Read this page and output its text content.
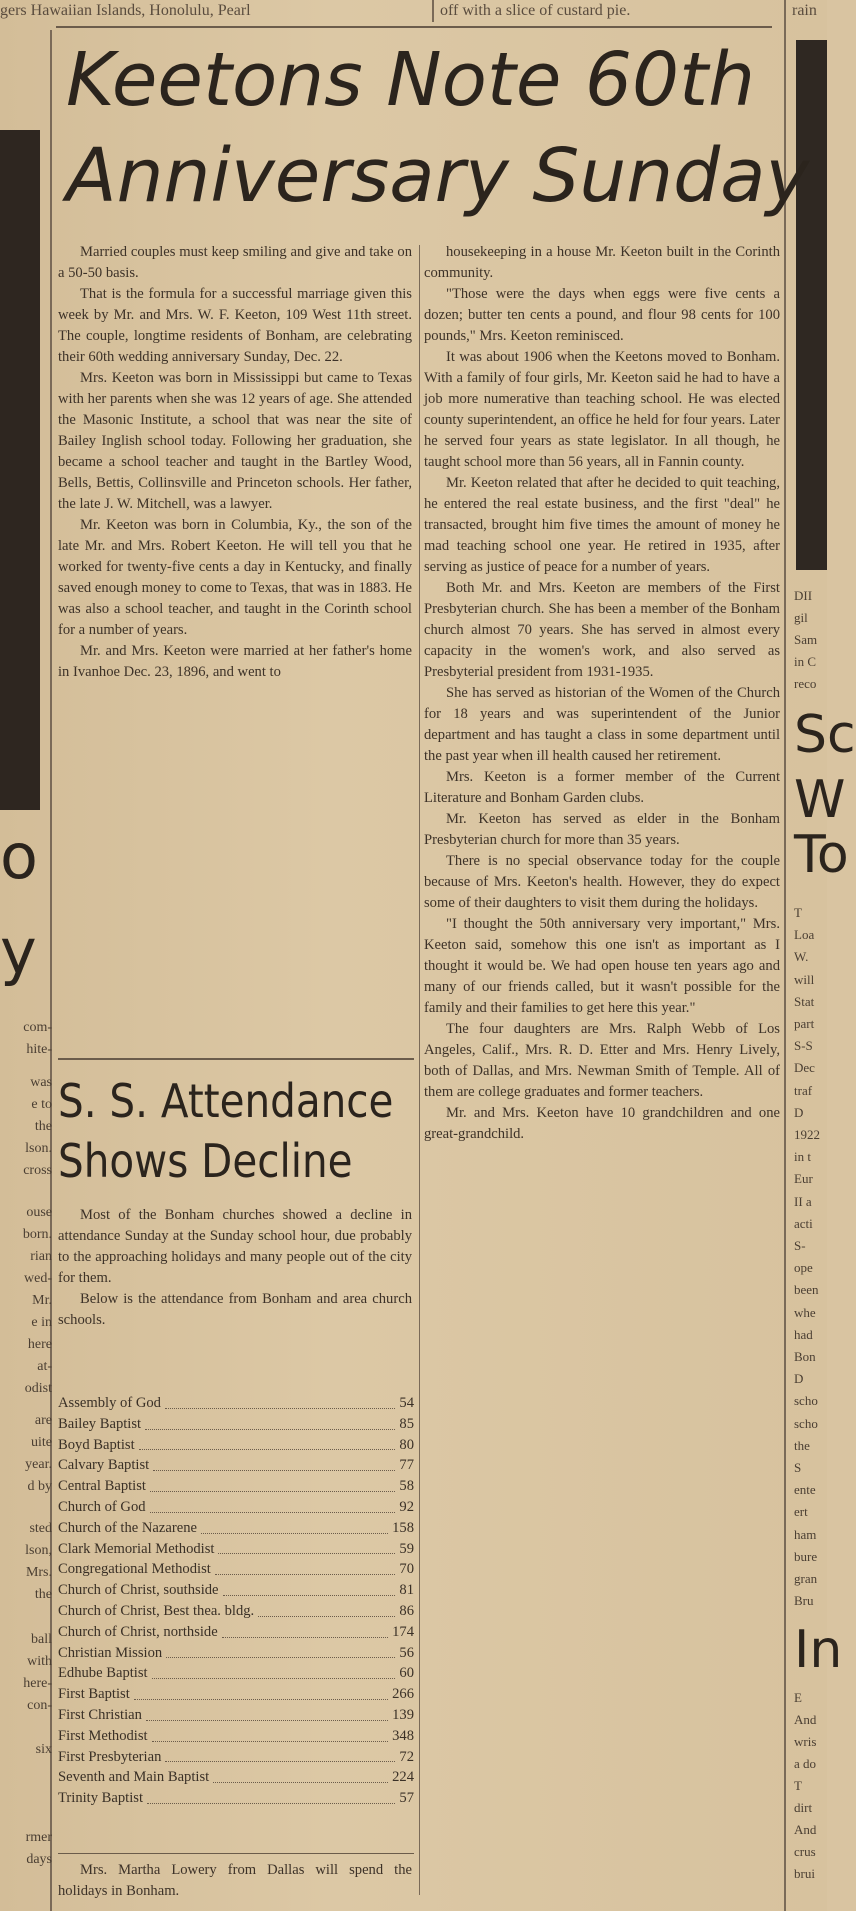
gers Hawaiian Islands, Honolulu, Pearl	off with a slice of custard pie.	rain
o
y
com-
hite-
was
e to
the
lson.
cross
ouse
born.
rian
wed-
Mr.
e in
here
at-
odist
are
uite
year.
d by
sted
lson,
Mrs.
the
ball
with
here-
con-
six
rmer
days
DII
gil
Sam
in C
reco
Sc
W
To
T
Loa
W.
will
Stat
part
S-S
Dec
traf
D
1922
in t
Eur
II a
acti
S-
ope
been
whe
had
Bon
D
scho
scho
the
S
ente
ert
ham
bure
gran
Bru
In
E
And
wris
a do
T
dirt
And
crus
brui
Keetons Note 60th
Anniversary Sunday

Married couples must keep smiling and give and take on a 50-50 basis.

That is the formula for a successful marriage given this week by Mr. and Mrs. W. F. Keeton, 109 West 11th street. The couple, longtime residents of Bonham, are celebrating their 60th wedding anniversary Sunday, Dec. 22.

Mrs. Keeton was born in Mississippi but came to Texas with her parents when she was 12 years of age. She attended the Masonic Institute, a school that was near the site of Bailey Inglish school today. Following her graduation, she became a school teacher and taught in the Bartley Wood, Bells, Bettis, Collinsville and Princeton schools. Her father, the late J. W. Mitchell, was a lawyer.

Mr. Keeton was born in Columbia, Ky., the son of the late Mr. and Mrs. Robert Keeton. He will tell you that he worked for twenty-five cents a day in Kentucky, and finally saved enough money to come to Texas, that was in 1883. He was also a school teacher, and taught in the Corinth school for a number of years.

Mr. and Mrs. Keeton were married at her father's home in Ivanhoe Dec. 23, 1896, and went to

S. S. Attendance
Shows Decline

Most of the Bonham churches showed a decline in attendance Sunday at the Sunday school hour, due probably to the approaching holidays and many people out of the city for them.

Below is the attendance from Bonham and area church schools.

Assembly of God	54
Bailey Baptist	85
Boyd Baptist	80
Calvary Baptist	77
Central Baptist	58
Church of God	92
Church of the Nazarene	158
Clark Memorial Methodist	59
Congregational Methodist	70
Church of Christ, southside	81
Church of Christ, Best thea. bldg.	86
Church of Christ, northside	174
Christian Mission	56
Edhube Baptist	60
First Baptist	266
First Christian	139
First Methodist	348
First Presbyterian	72
Seventh and Main Baptist	224
Trinity Baptist	57

Mrs. Martha Lowery from Dallas will spend the holidays in Bonham.

housekeeping in a house Mr. Keeton built in the Corinth community.

"Those were the days when eggs were five cents a dozen; butter ten cents a pound, and flour 98 cents for 100 pounds," Mrs. Keeton reminisced.

It was about 1906 when the Keetons moved to Bonham. With a family of four girls, Mr. Keeton said he had to have a job more numerative than teaching school. He was elected county superintendent, an office he held for four years. Later he served four years as state legislator. In all though, he taught school more than 56 years, all in Fannin county.

Mr. Keeton related that after he decided to quit teaching, he entered the real estate business, and the first "deal" he transacted, brought him five times the amount of money he mad teaching school one year. He retired in 1935, after serving as justice of peace for a number of years.

Both Mr. and Mrs. Keeton are members of the First Presbyterian church. She has been a member of the Bonham church almost 70 years. She has served in almost every capacity in the women's work, and also served as Presbyterial president from 1931-1935.

She has served as historian of the Women of the Church for 18 years and was superintendent of the Junior department and has taught a class in some department until the past year when ill health caused her retirement.

Mrs. Keeton is a former member of the Current Literature and Bonham Garden clubs.

Mr. Keeton has served as elder in the Bonham Presbyterian church for more than 35 years.

There is no special observance today for the couple because of Mrs. Keeton's health. However, they do expect some of their daughters to visit them during the holidays.

"I thought the 50th anniversary very important," Mrs. Keeton said, somehow this one isn't as important as I thought it would be. We had open house ten years ago and many of our friends called, but it wasn't possible for the family and their families to get here this year."

The four daughters are Mrs. Ralph Webb of Los Angeles, Calif., Mrs. R. D. Etter and Mrs. Henry Lively, both of Dallas, and Mrs. Newman Smith of Temple. All of them are college graduates and former teachers.

Mr. and Mrs. Keeton have 10 grandchildren and one great-grandchild.
